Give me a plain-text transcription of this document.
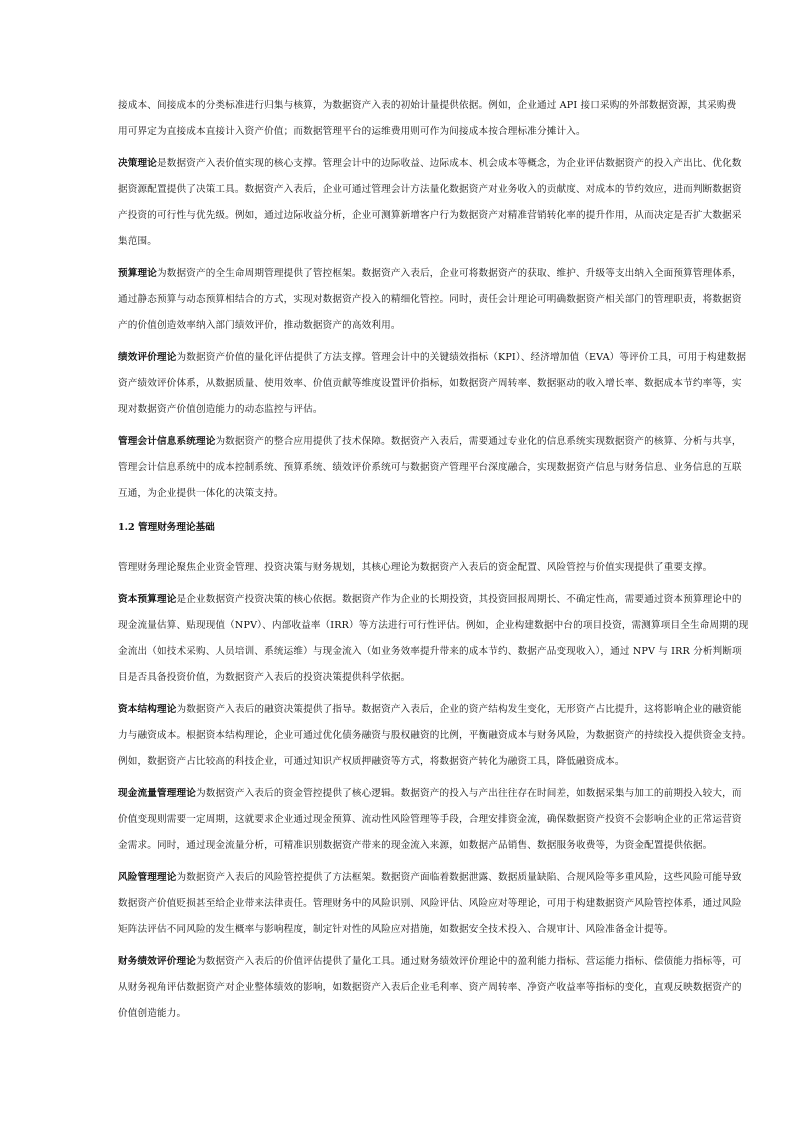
接成本、间接成本的分类标准进行归集与核算，为数据资产入表的初始计量提供依据。例如，企业通过 API 接口采购的外部数据资源，其采购费
用可界定为直接成本直接计入资产价值；而数据管理平台的运维费用则可作为间接成本按合理标准分摊计入。
决策理论是数据资产入表价值实现的核心支撑。管理会计中的边际收益、边际成本、机会成本等概念，为企业评估数据资产的投入产出比、优化数
据资源配置提供了决策工具。数据资产入表后，企业可通过管理会计方法量化数据资产对业务收入的贡献度、对成本的节约效应，进而判断数据资
产投资的可行性与优先级。例如，通过边际收益分析，企业可测算新增客户行为数据资产对精准营销转化率的提升作用，从而决定是否扩大数据采
集范围。
预算理论为数据资产的全生命周期管理提供了管控框架。数据资产入表后，企业可将数据资产的获取、维护、升级等支出纳入全面预算管理体系，
通过静态预算与动态预算相结合的方式，实现对数据资产投入的精细化管控。同时，责任会计理论可明确数据资产相关部门的管理职责，将数据资
产的价值创造效率纳入部门绩效评价，推动数据资产的高效利用。
绩效评价理论为数据资产价值的量化评估提供了方法支撑。管理会计中的关键绩效指标（KPI）、经济增加值（EVA）等评价工具，可用于构建数据
资产绩效评价体系，从数据质量、使用效率、价值贡献等维度设置评价指标，如数据资产周转率、数据驱动的收入增长率、数据成本节约率等，实
现对数据资产价值创造能力的动态监控与评估。
管理会计信息系统理论为数据资产的整合应用提供了技术保障。数据资产入表后，需要通过专业化的信息系统实现数据资产的核算、分析与共享，
管理会计信息系统中的成本控制系统、预算系统、绩效评价系统可与数据资产管理平台深度融合，实现数据资产信息与财务信息、业务信息的互联
互通，为企业提供一体化的决策支持。
1.2 管理财务理论基础
管理财务理论聚焦企业资金管理、投资决策与财务规划，其核心理论为数据资产入表后的资金配置、风险管控与价值实现提供了重要支撑。
资本预算理论是企业数据资产投资决策的核心依据。数据资产作为企业的长期投资，其投资回报周期长、不确定性高，需要通过资本预算理论中的
现金流量估算、贴现现值（NPV）、内部收益率（IRR）等方法进行可行性评估。例如，企业构建数据中台的项目投资，需测算项目全生命周期的现
金流出（如技术采购、人员培训、系统运维）与现金流入（如业务效率提升带来的成本节约、数据产品变现收入），通过 NPV 与 IRR 分析判断项
目是否具备投资价值，为数据资产入表后的投资决策提供科学依据。
资本结构理论为数据资产入表后的融资决策提供了指导。数据资产入表后，企业的资产结构发生变化，无形资产占比提升，这将影响企业的融资能
力与融资成本。根据资本结构理论，企业可通过优化债务融资与股权融资的比例，平衡融资成本与财务风险，为数据资产的持续投入提供资金支持。
例如，数据资产占比较高的科技企业，可通过知识产权质押融资等方式，将数据资产转化为融资工具，降低融资成本。
现金流量管理理论为数据资产入表后的资金管控提供了核心逻辑。数据资产的投入与产出往往存在时间差，如数据采集与加工的前期投入较大，而
价值变现则需要一定周期，这就要求企业通过现金预算、流动性风险管理等手段，合理安排资金流，确保数据资产投资不会影响企业的正常运营资
金需求。同时，通过现金流量分析，可精准识别数据资产带来的现金流入来源，如数据产品销售、数据服务收费等，为资金配置提供依据。
风险管理理论为数据资产入表后的风险管控提供了方法框架。数据资产面临着数据泄露、数据质量缺陷、合规风险等多重风险，这些风险可能导致
数据资产价值贬损甚至给企业带来法律责任。管理财务中的风险识别、风险评估、风险应对等理论，可用于构建数据资产风险管控体系，通过风险
矩阵法评估不同风险的发生概率与影响程度，制定针对性的风险应对措施，如数据安全技术投入、合规审计、风险准备金计提等。
财务绩效评价理论为数据资产入表后的价值评估提供了量化工具。通过财务绩效评价理论中的盈利能力指标、营运能力指标、偿债能力指标等，可
从财务视角评估数据资产对企业整体绩效的影响，如数据资产入表后企业毛利率、资产周转率、净资产收益率等指标的变化，直观反映数据资产的
价值创造能力。
